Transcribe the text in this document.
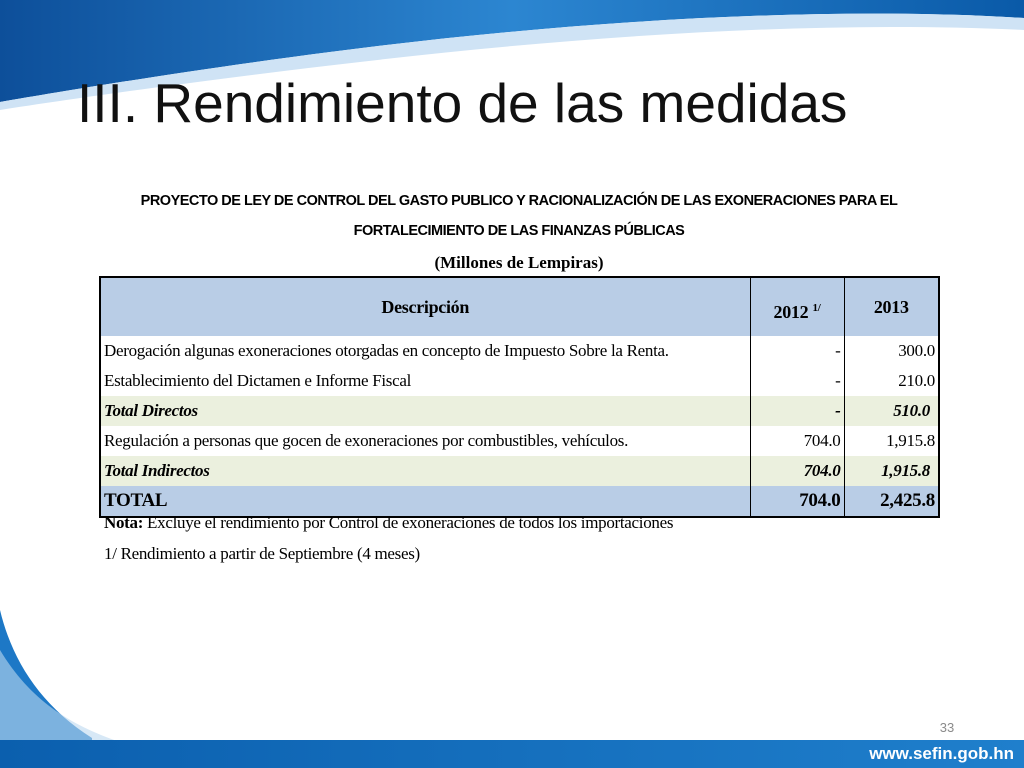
III. Rendimiento de las medidas
PROYECTO DE LEY DE CONTROL DEL GASTO PUBLICO Y RACIONALIZACIÓN DE LAS EXONERACIONES PARA EL
FORTALECIMIENTO DE LAS FINANZAS PÚBLICAS
(Millones de Lempiras)
Descripción	2012 $^{1/}$	2013
Derogación algunas exoneraciones otorgadas en concepto de Impuesto Sobre la Renta.	-	300.0
Establecimiento del Dictamen e Informe Fiscal	-	210.0
Total Directos	-	510.0
Regulación a personas que gocen de exoneraciones por combustibles, vehículos.	704.0	1,915.8
Total Indirectos	704.0	1,915.8
TOTAL	704.0	2,425.8
Nota: Excluye el rendimiento por Control de exoneraciones de todos los importaciones
1/ Rendimiento a partir de Septiembre (4 meses)
33
www.sefin.gob.hn
